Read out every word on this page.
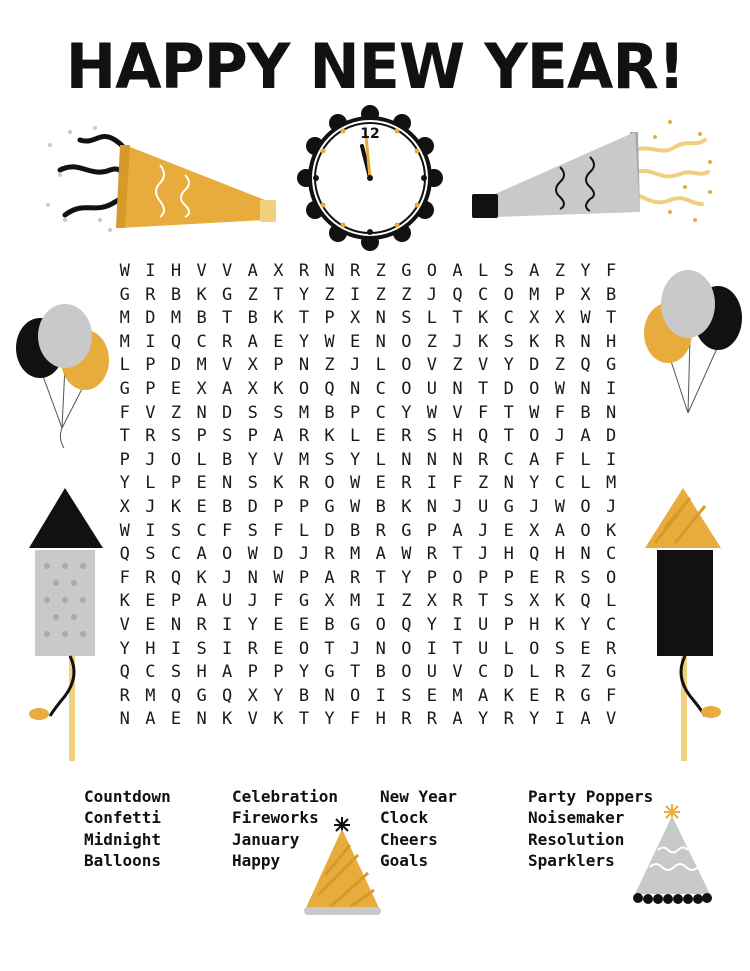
HAPPY NEW YEAR!
12
W I H V V A X R N R Z G O A L S A Z Y F
G R B K G Z T Y Z I Z Z J Q C O M P X B
M D M B T B K T P X N S L T K C X X W T
M I Q C R A E Y W E N O Z J K S K R N H
L P D M V X P N Z J L O V Z V Y D Z Q G
G P E X A X K O Q N C O U N T D O W N I
F V Z N D S S M B P C Y W V F T W F B N
T R S P S P A R K L E R S H Q T O J A D
P J O L B Y V M S Y L N N N R C A F L I
Y L P E N S K R O W E R I F Z N Y C L M
X J K E B D P P G W B K N J U G J W O J
W I S C F S F L D B R G P A J E X A O K
Q S C A O W D J R M A W R T J H Q H N C
F R Q K J N W P A R T Y P O P P E R S O
K E P A U J F G X M I Z X R T S X K Q L
V E N R I Y E E B G O Q Y I U P H K Y C
Y H I S I R E O T J N O I T U L O S E R
Q C S H A P P Y G T B O U V C D L R Z G
R M Q G Q X Y B N O I S E M A K E R G F
N A E N K V K T Y F H R R A Y R Y I A V
Countdown
Confetti
Midnight
Balloons
Celebration
Fireworks
January
Happy
New Year
Clock
Cheers
Goals
Party Poppers
Noisemaker
Resolution
Sparklers
